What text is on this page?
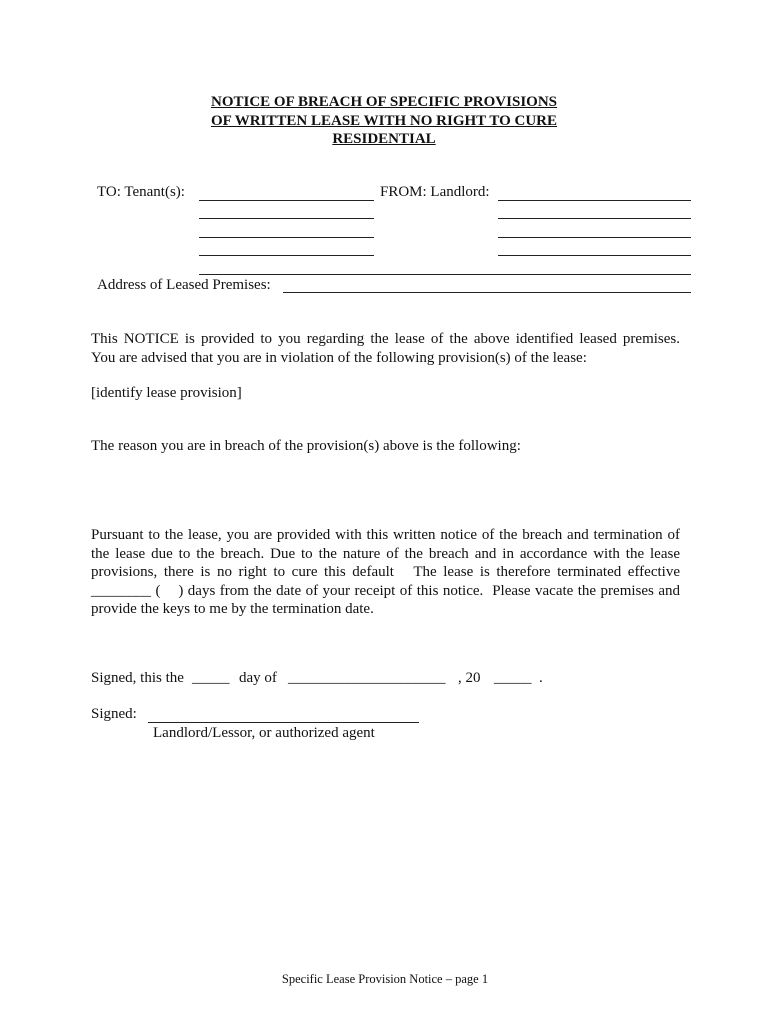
NOTICE OF BREACH OF SPECIFIC PROVISIONS
OF WRITTEN LEASE WITH NO RIGHT TO CURE
RESIDENTIAL
TO: Tenant(s):	FROM: Landlord:
Address of Leased Premises:
This NOTICE is provided to you regarding the lease of the above identified leased premises.
You are advised that you are in violation of the following provision(s) of the lease:
[identify lease provision]
The reason you are in breach of the provision(s) above is the following:
Pursuant to the lease, you are provided with this written notice of the breach and termination of
the lease due to the breach. Due to the nature of the breach and in accordance with the lease
provisions, there is no right to cure this default   The lease is therefore terminated effective
________ (    ) days from the date of your receipt of this notice.  Please vacate the premises and
provide the keys to me by the termination date.
Signed, this the _____ day of _____________________ , 20 _____ .
Signed:
Landlord/Lessor, or authorized agent
Specific Lease Provision Notice – page 1
